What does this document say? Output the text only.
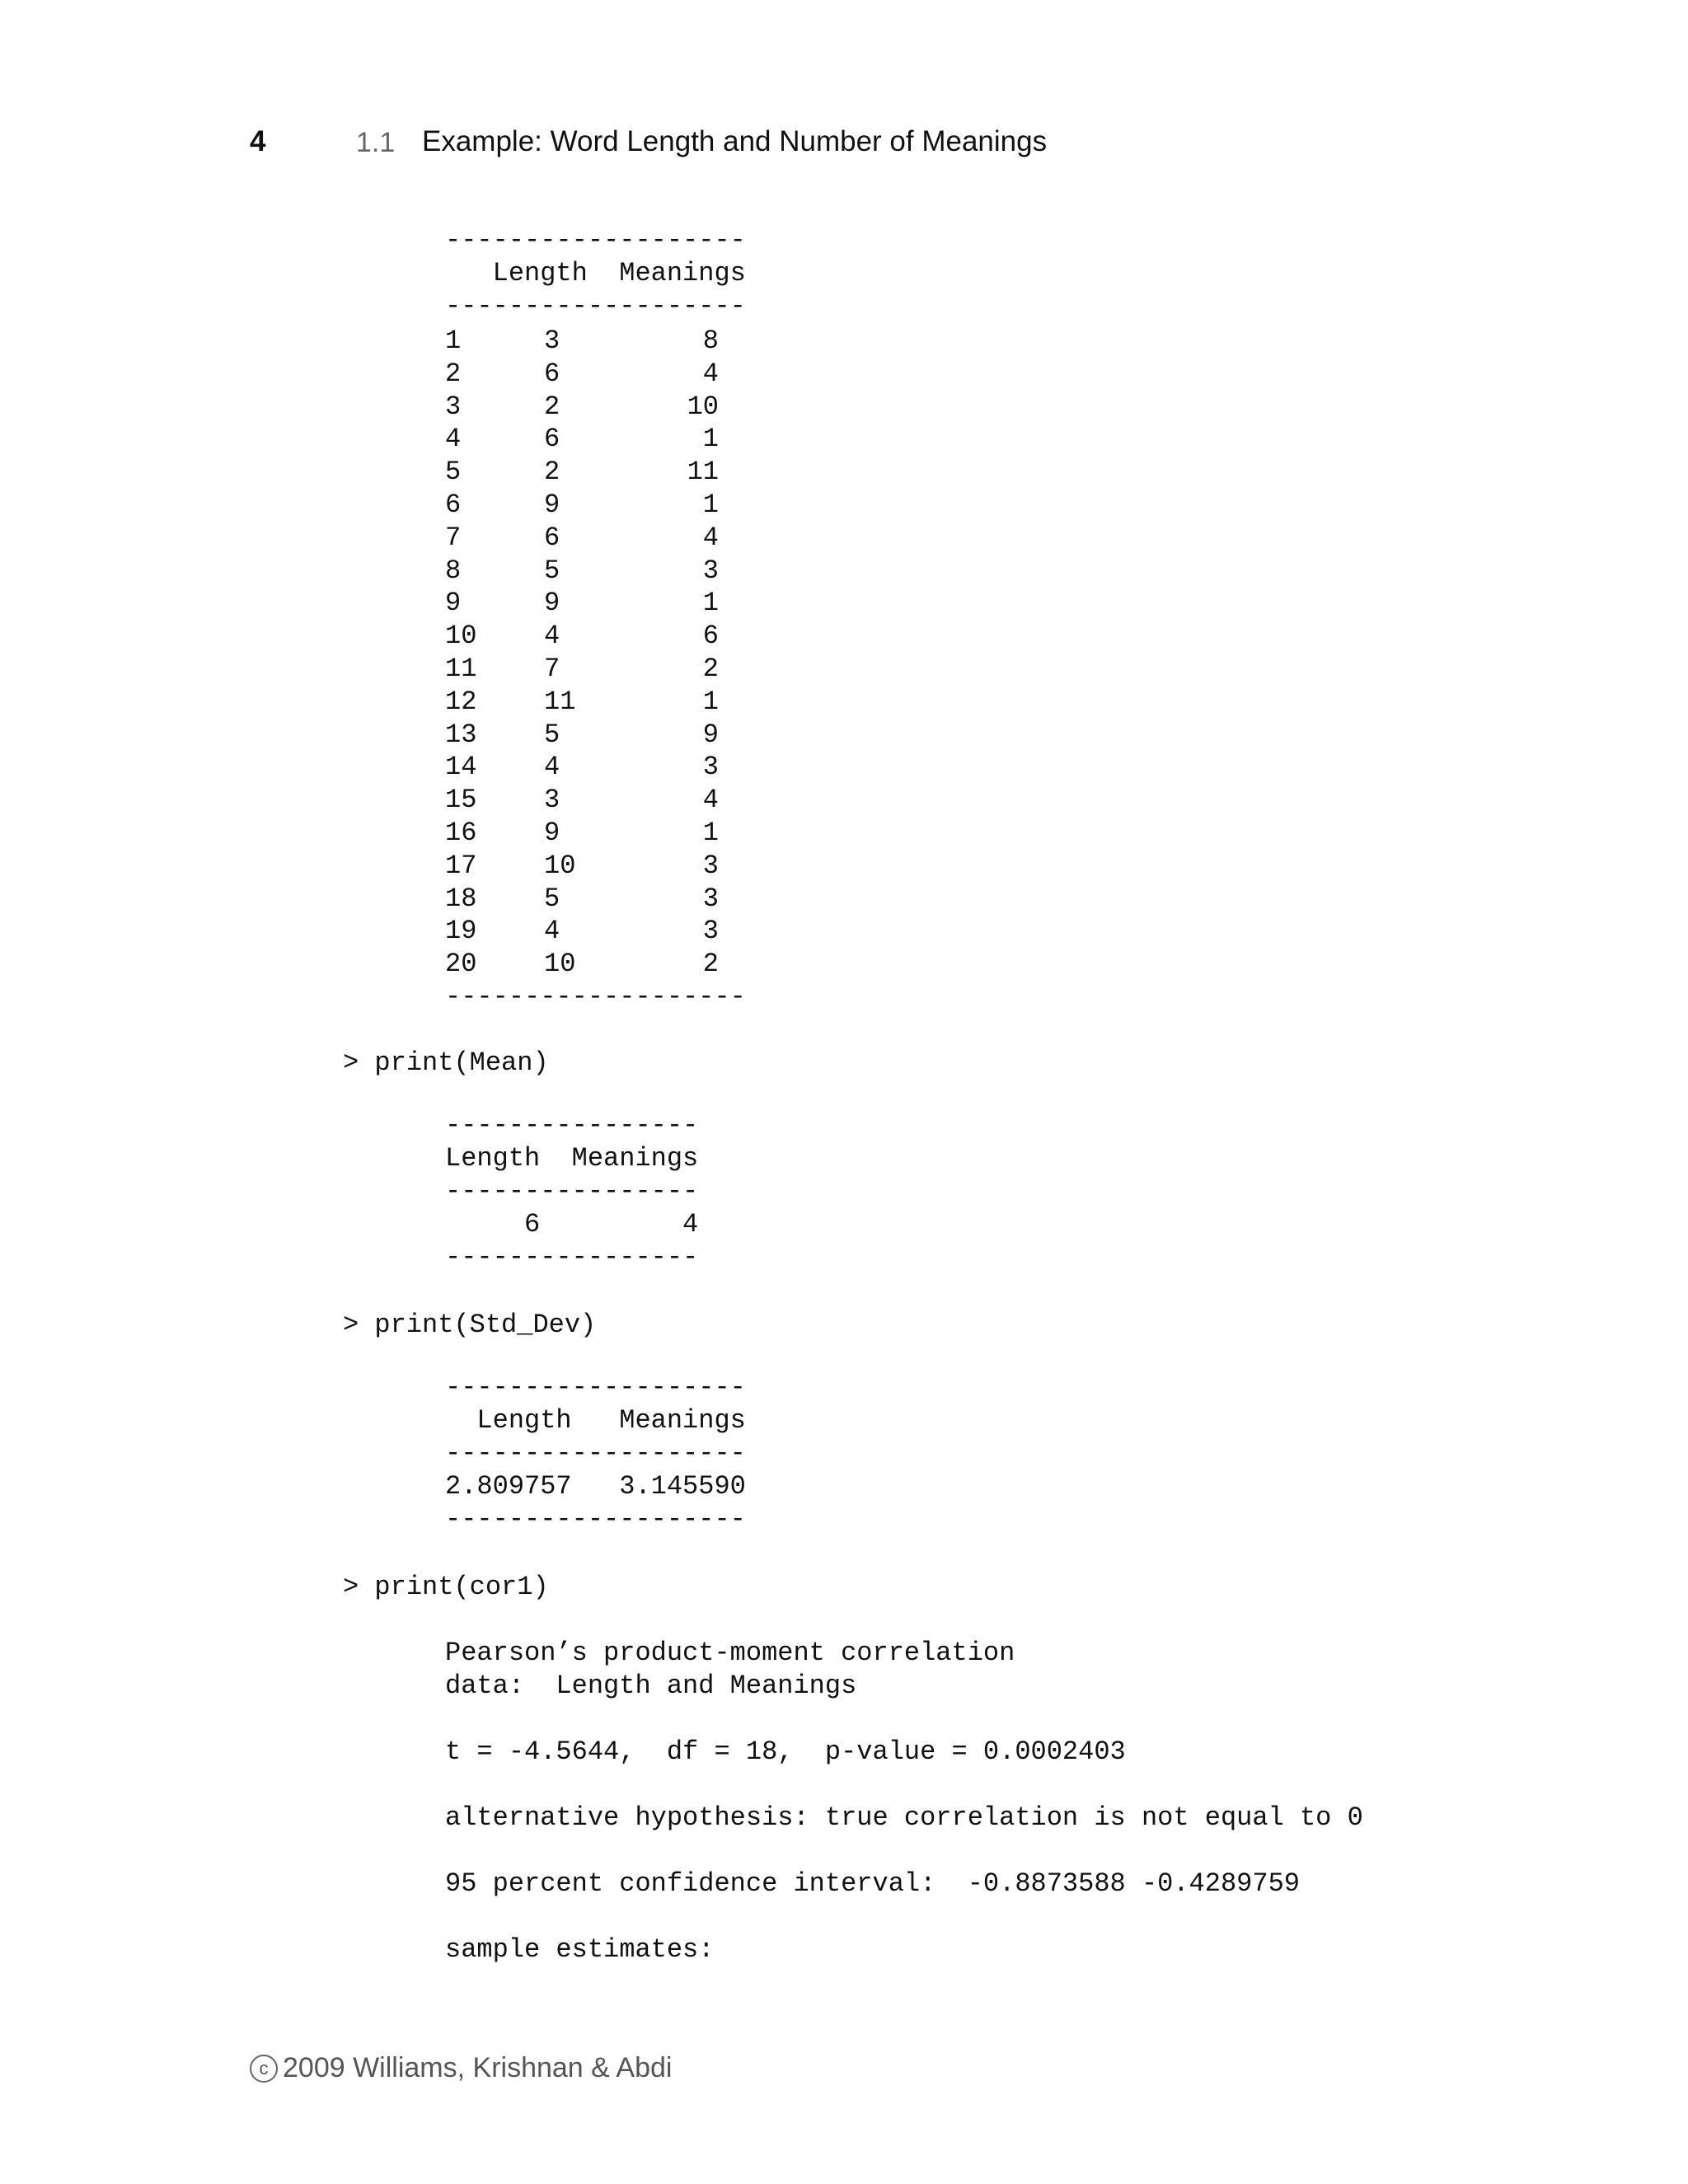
4	1.1 Example: Word Length and Number of Meanings
-------------------
Length  Meanings
-------------------
1
2
3
4
5
6
7
8
9
10
11
12
13
14
15
16
17
18
19
20
3
6
2
6
2
9
6
5
9
4
7
11
5
4
3
9
10
5
4
10
8
4
10
1
11
1
4
3
1
6
2
1
9
3
4
1
3
3
3
2
-------------------
> print(Mean)
----------------
Length  Meanings
----------------
6         4
----------------
> print(Std_Dev)
-------------------
Length   Meanings
-------------------
2.809757   3.145590
-------------------
> print(cor1)
Pearson’s product-moment correlation
data:  Length and Meanings
t = -4.5644,  df = 18,  p-value = 0.0002403
alternative hypothesis: true correlation is not equal to 0
95 percent confidence interval:  -0.8873588 -0.4289759
sample estimates:
c 2009 Williams, Krishnan & Abdi
